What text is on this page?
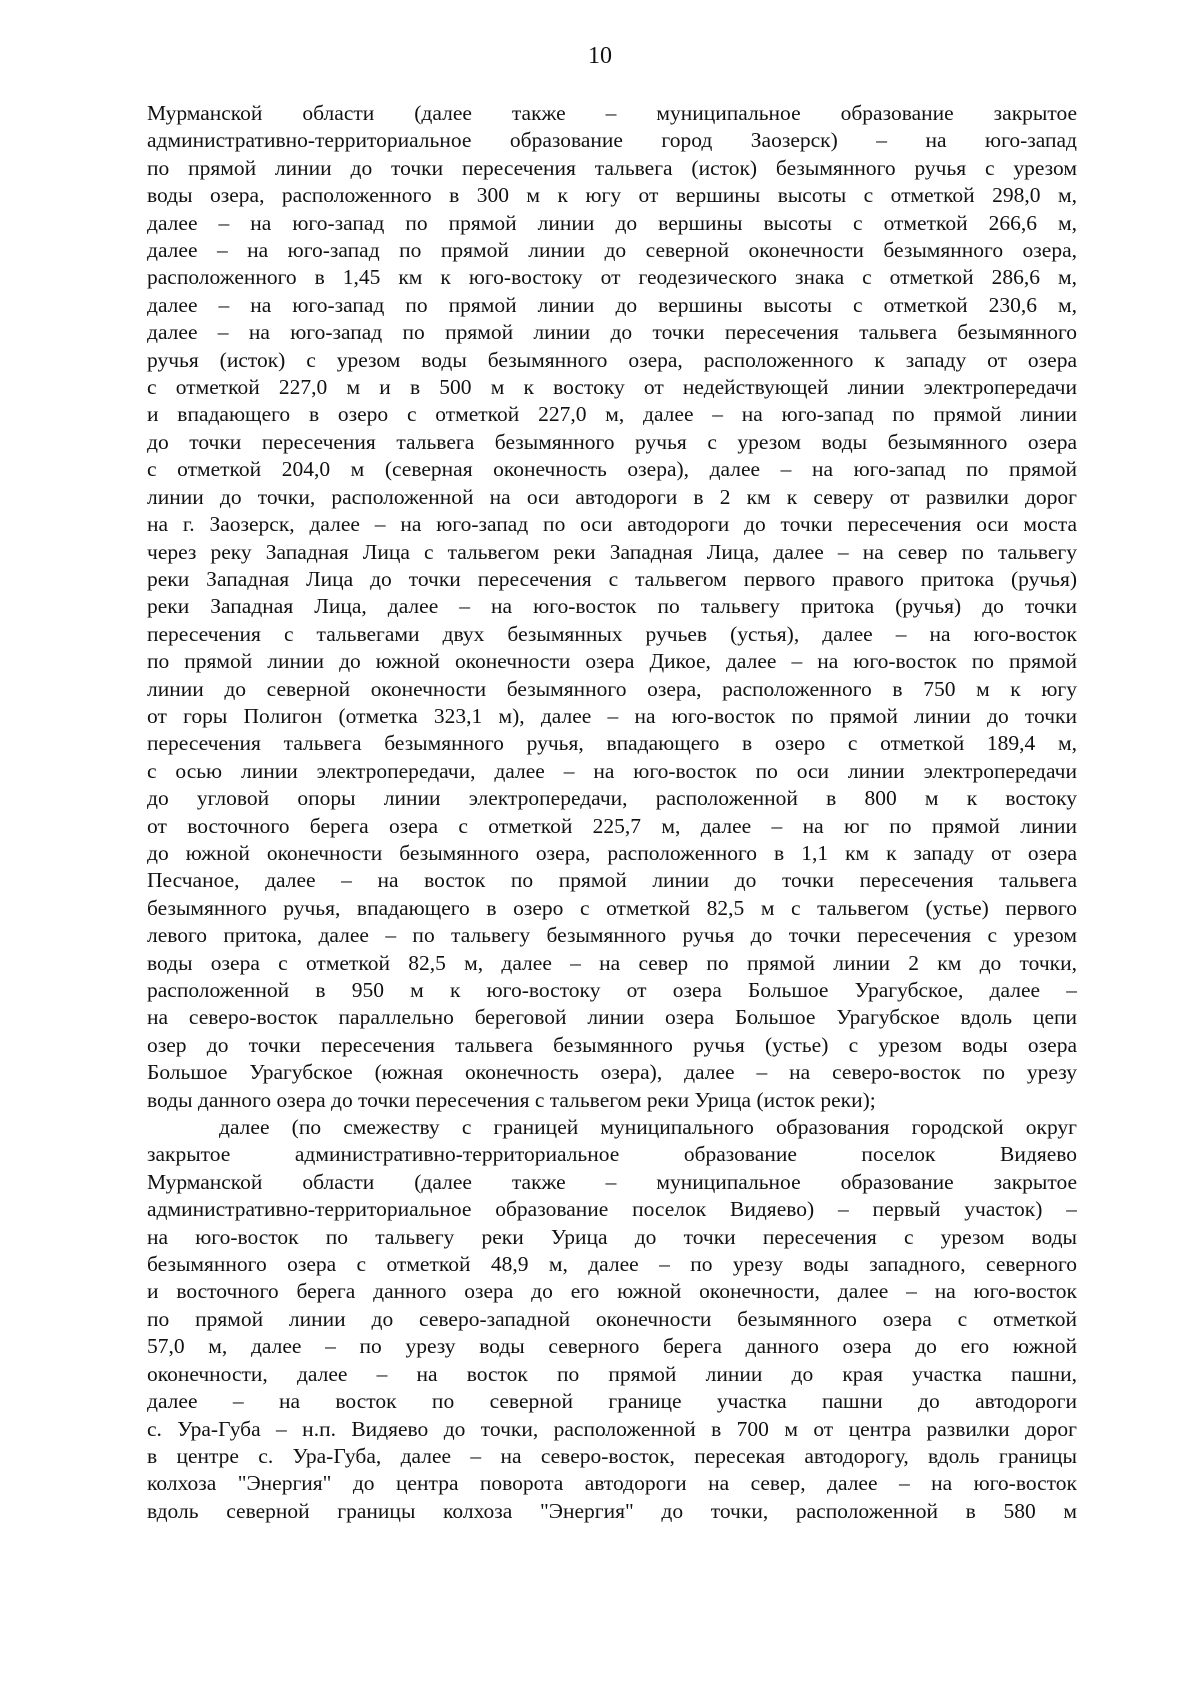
10
Мурманской области (далее также – муниципальное образование закрытое
административно-территориальное образование город Заозерск) – на юго-запад
по прямой линии до точки пересечения тальвега (исток) безымянного ручья с урезом
воды озера, расположенного в 300 м к югу от вершины высоты с отметкой 298,0 м,
далее – на юго-запад по прямой линии до вершины высоты с отметкой 266,6 м,
далее – на юго-запад по прямой линии до северной оконечности безымянного озера,
расположенного в 1,45 км к юго-востоку от геодезического знака с отметкой 286,6 м,
далее – на юго-запад по прямой линии до вершины высоты с отметкой 230,6 м,
далее – на юго-запад по прямой линии до точки пересечения тальвега безымянного
ручья (исток) с урезом воды безымянного озера, расположенного к западу от озера
с отметкой 227,0 м и в 500 м к востоку от недействующей линии электропередачи
и впадающего в озеро с отметкой 227,0 м, далее – на юго-запад по прямой линии
до точки пересечения тальвега безымянного ручья с урезом воды безымянного озера
с отметкой 204,0 м (северная оконечность озера), далее – на юго-запад по прямой
линии до точки, расположенной на оси автодороги в 2 км к северу от развилки дорог
на г. Заозерск, далее – на юго-запад по оси автодороги до точки пересечения оси моста
через реку Западная Лица с тальвегом реки Западная Лица, далее – на север по тальвегу
реки Западная Лица до точки пересечения с тальвегом первого правого притока (ручья)
реки Западная Лица, далее – на юго-восток по тальвегу притока (ручья) до точки
пересечения с тальвегами двух безымянных ручьев (устья), далее – на юго-восток
по прямой линии до южной оконечности озера Дикое, далее – на юго-восток по прямой
линии до северной оконечности безымянного озера, расположенного в 750 м к югу
от горы Полигон (отметка 323,1 м), далее – на юго-восток по прямой линии до точки
пересечения тальвега безымянного ручья, впадающего в озеро с отметкой 189,4 м,
с осью линии электропередачи, далее – на юго-восток по оси линии электропередачи
до угловой опоры линии электропередачи, расположенной в 800 м к востоку
от восточного берега озера с отметкой 225,7 м, далее – на юг по прямой линии
до южной оконечности безымянного озера, расположенного в 1,1 км к западу от озера
Песчаное, далее – на восток по прямой линии до точки пересечения тальвега
безымянного ручья, впадающего в озеро с отметкой 82,5 м с тальвегом (устье) первого
левого притока, далее – по тальвегу безымянного ручья до точки пересечения с урезом
воды озера с отметкой 82,5 м, далее – на север по прямой линии 2 км до точки,
расположенной в 950 м к юго-востоку от озера Большое Урагубское, далее –
на северо-восток параллельно береговой линии озера Большое Урагубское вдоль цепи
озер до точки пересечения тальвега безымянного ручья (устье) с урезом воды озера
Большое Урагубское (южная оконечность озера), далее – на северо-восток по урезу
воды данного озера до точки пересечения с тальвегом реки Урица (исток реки);
далее (по смежеству с границей муниципального образования городской округ
закрытое административно-территориальное образование поселок Видяево
Мурманской области (далее также – муниципальное образование закрытое
административно-территориальное образование поселок Видяево) – первый участок) –
на юго-восток по тальвегу реки Урица до точки пересечения с урезом воды
безымянного озера с отметкой 48,9 м, далее – по урезу воды западного, северного
и восточного берега данного озера до его южной оконечности, далее – на юго-восток
по прямой линии до северо-западной оконечности безымянного озера с отметкой
57,0 м, далее – по урезу воды северного берега данного озера до его южной
оконечности, далее – на восток по прямой линии до края участка пашни,
далее – на восток по северной границе участка пашни до автодороги
с. Ура-Губа – н.п. Видяево до точки, расположенной в 700 м от центра развилки дорог
в центре с. Ура-Губа, далее – на северо-восток, пересекая автодорогу, вдоль границы
колхоза "Энергия" до центра поворота автодороги на север, далее – на юго-восток
вдоль северной границы колхоза "Энергия" до точки, расположенной в 580 м
